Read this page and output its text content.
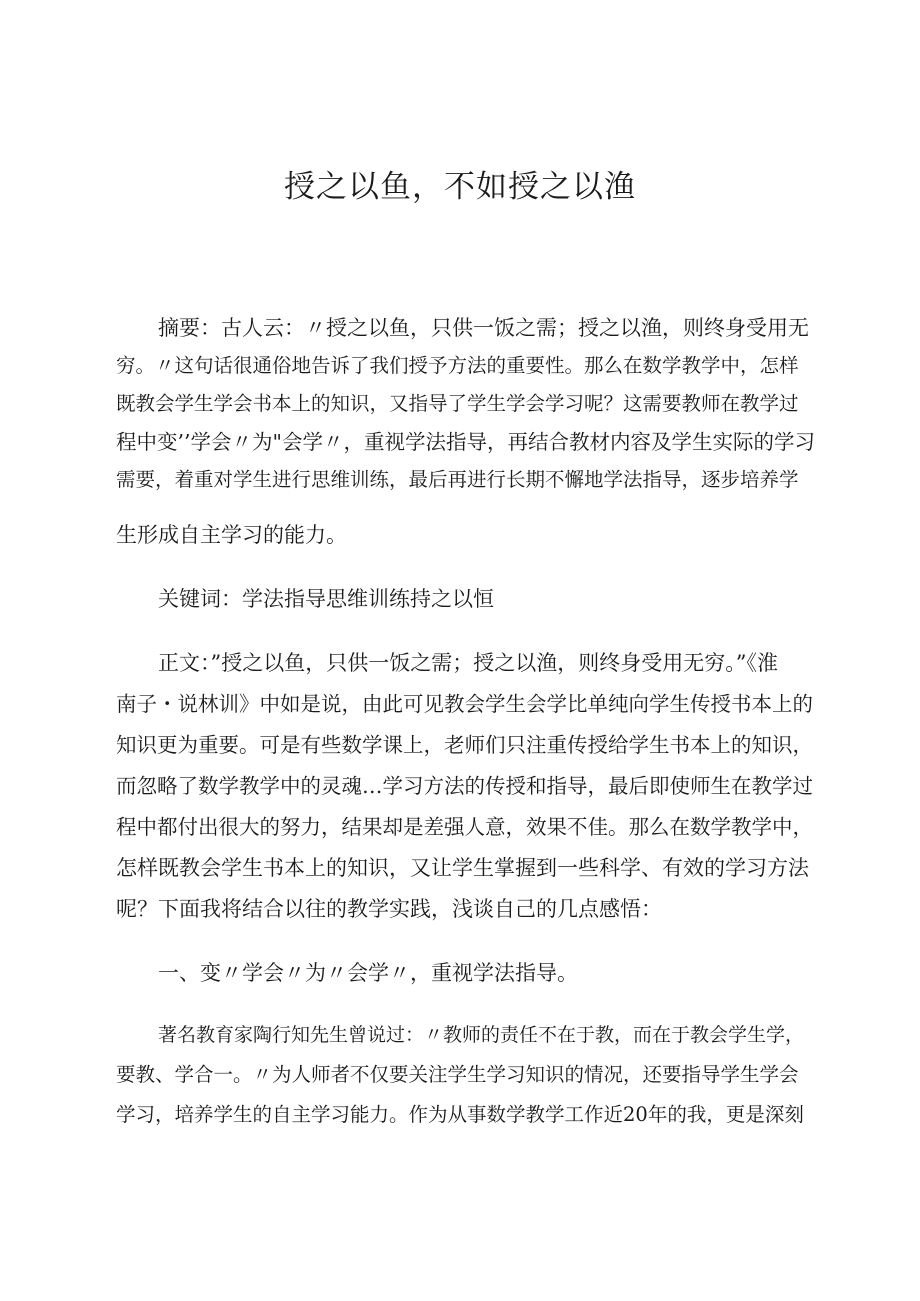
授之以鱼，不如授之以渔

摘要：古人云：〃授之以鱼，只供一饭之需；授之以渔，则终身受用无

穷。〃这句话很通俗地告诉了我们授予方法的重要性。那么在数学教学中，怎样

既教会学生学会书本上的知识，又指导了学生学会学习呢？这需要教师在教学过

程中变’’学会〃为"会学〃，重视学法指导，再结合教材内容及学生实际的学习

需要，着重对学生进行思维训练，最后再进行长期不懈地学法指导，逐步培养学

生形成自主学习的能力。

关键词：学法指导思维训练持之以恒

正文：”授之以鱼，只供一饭之需；授之以渔，则终身受用无穷。”《淮

南子・说林训》中如是说，由此可见教会学生会学比单纯向学生传授书本上的

知识更为重要。可是有些数学课上，老师们只注重传授给学生书本上的知识，

而忽略了数学教学中的灵魂…学习方法的传授和指导，最后即使师生在教学过

程中都付出很大的努力，结果却是差强人意，效果不佳。那么在数学教学中，

怎样既教会学生书本上的知识，又让学生掌握到一些科学、有效的学习方法

呢？下面我将结合以往的教学实践，浅谈自己的几点感悟：

一、变〃学会〃为〃会学〃，重视学法指导。

著名教育家陶行知先生曾说过：〃教师的责任不在于教，而在于教会学生学，

要教、学合一。〃为人师者不仅要关注学生学习知识的情况，还要指导学生学会

学习，培养学生的自主学习能力。作为从事数学教学工作近20年的我，更是深刻
